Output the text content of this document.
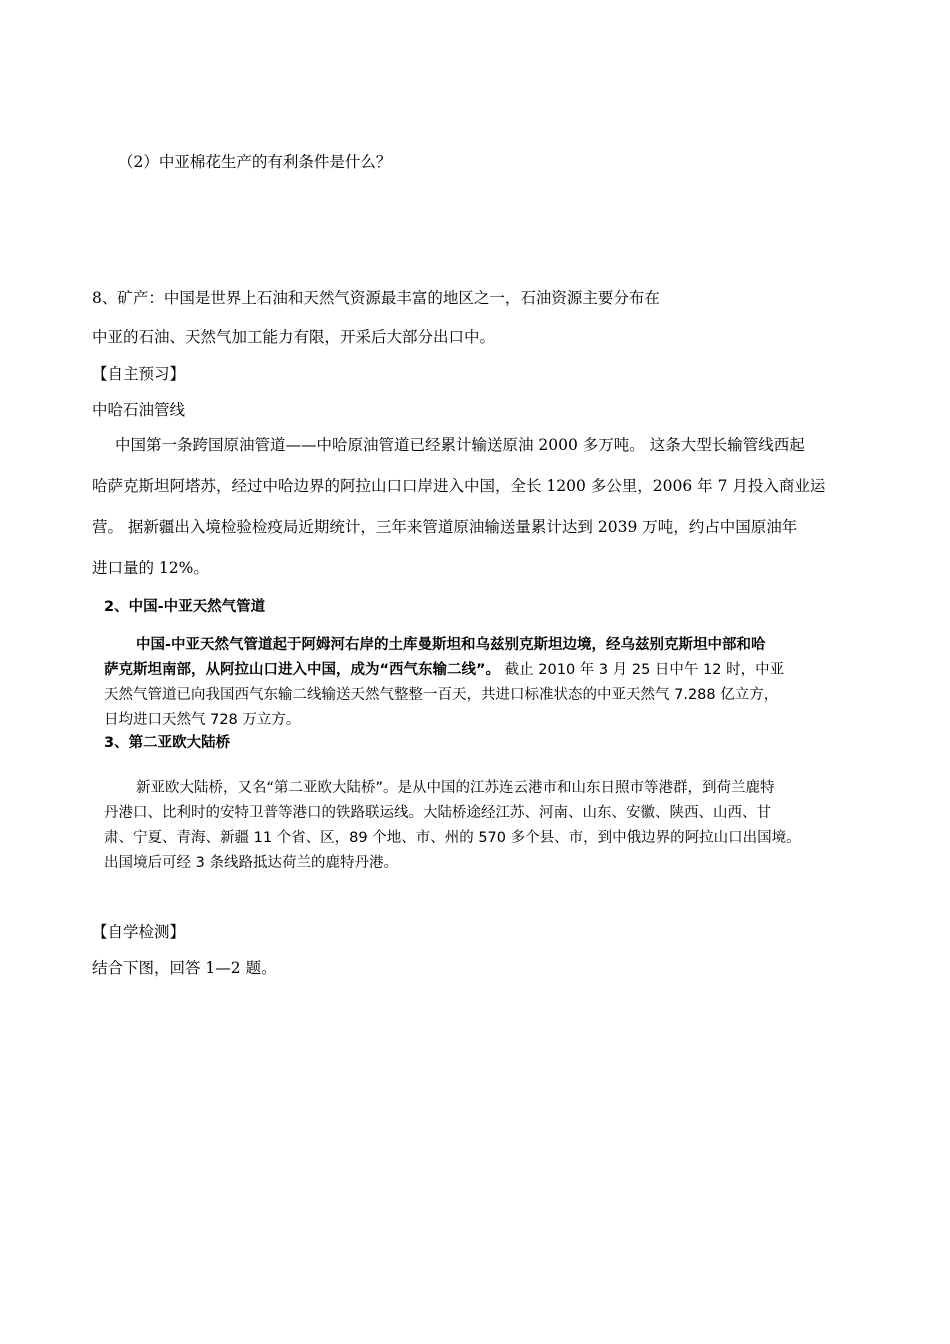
（2）中亚棉花生产的有利条件是什么？
8、矿产：中国是世界上石油和天然气资源最丰富的地区之一，石油资源主要分布在
中亚的石油、天然气加工能力有限，开采后大部分出口中。
【自主预习】
中哈石油管线
中国第一条跨国原油管道——中哈原油管道已经累计输送原油 2000 多万吨。 这条大型长输管线西起
哈萨克斯坦阿塔苏，经过中哈边界的阿拉山口口岸进入中国，全长 1200 多公里，2006 年 7 月投入商业运
营。 据新疆出入境检验检疫局近期统计，三年来管道原油输送量累计达到 2039 万吨，约占中国原油年
进口量的 12%。
2、中国-中亚天然气管道
中国-中亚天然气管道起于阿姆河右岸的土库曼斯坦和乌兹别克斯坦边境，经乌兹别克斯坦中部和哈
萨克斯坦南部，从阿拉山口进入中国，成为“西气东输二线”。 截止 2010 年 3 月 25 日中午 12 时，中亚
天然气管道已向我国西气东输二线输送天然气整整一百天，共进口标准状态的中亚天然气 7.288 亿立方，
日均进口天然气 728 万立方。
3、第二亚欧大陆桥
新亚欧大陆桥，又名“第二亚欧大陆桥”。是从中国的江苏连云港市和山东日照市等港群，到荷兰鹿特
丹港口、比利时的安特卫普等港口的铁路联运线。大陆桥途经江苏、河南、山东、安徽、陕西、山西、甘
肃、宁夏、青海、新疆 11 个省、区，89 个地、市、州的 570 多个县、市，到中俄边界的阿拉山口出国境。
出国境后可经 3 条线路抵达荷兰的鹿特丹港。
【自学检测】
结合下图，回答 1—2 题。
